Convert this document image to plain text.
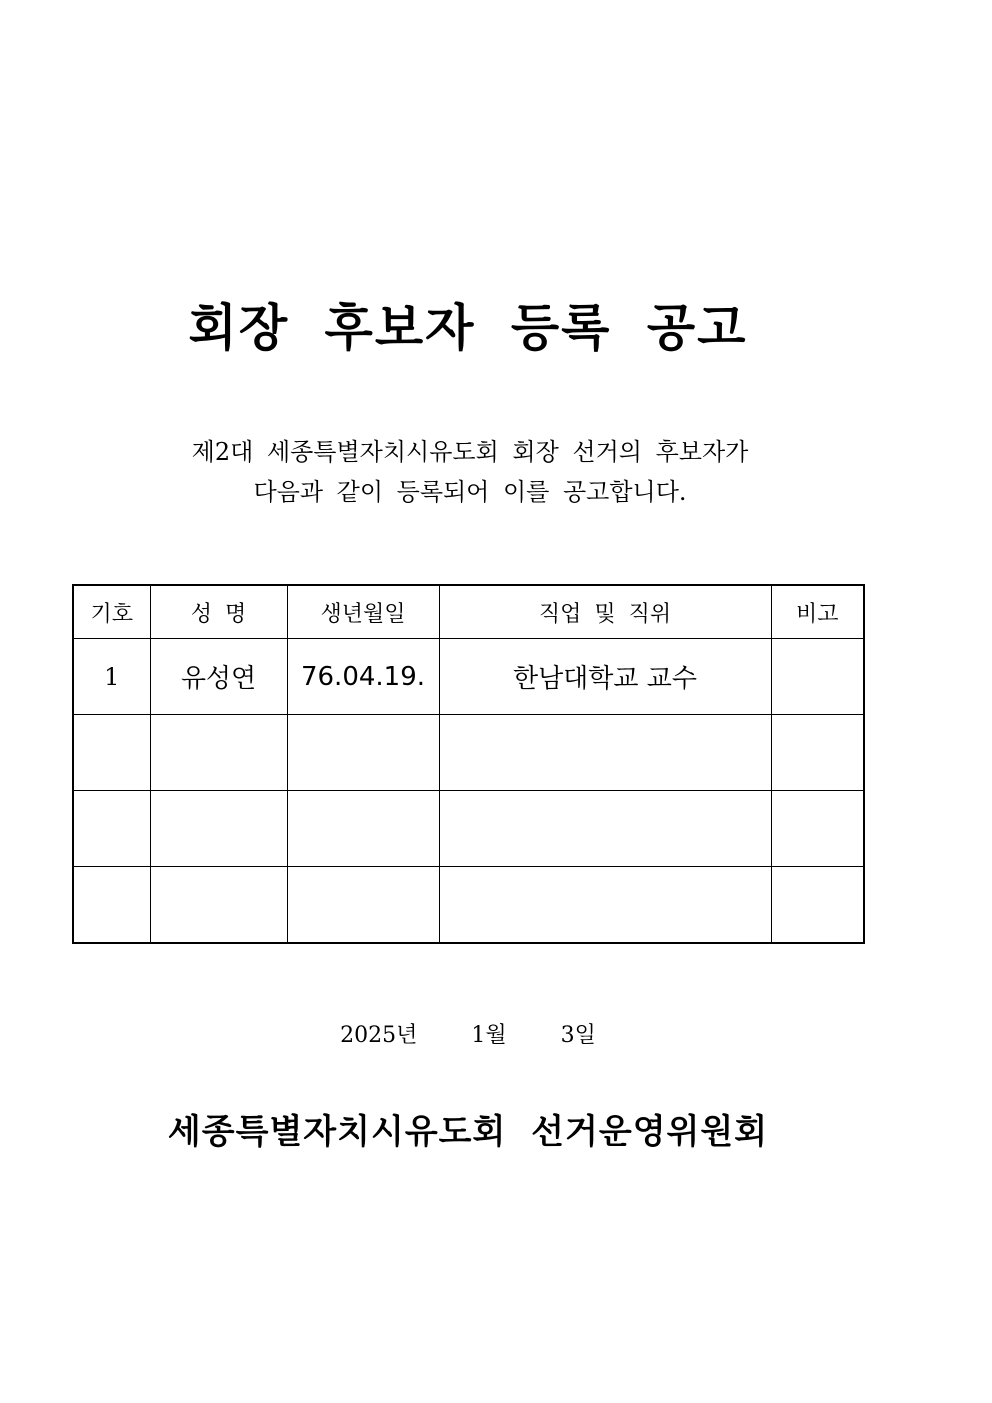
회장 후보자 등록 공고
제2대 세종특별자치시유도회 회장 선거의 후보자가
다음과 같이 등록되어 이를 공고합니다.
기호	성 명	생년월일	직업 및 직위	비고
1	유성연	76.04.19.	한남대학교 교수	

2025년 1월 3일
세종특별자치시유도회 선거운영위원회
